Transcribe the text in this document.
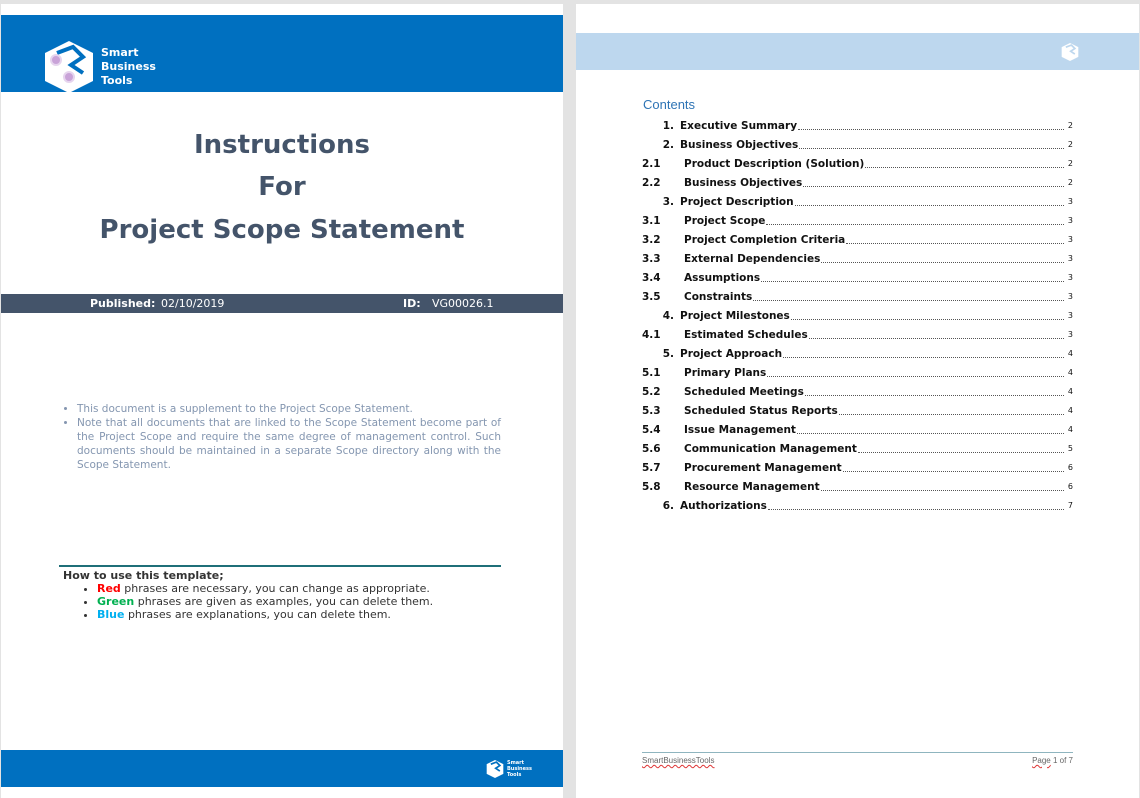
Smart
Business
Tools
Instructions
For
Project Scope Statement
Published: 02/10/2019	ID: VG00026.1
• This document is a supplement to the Project Scope Statement.
• Note that all documents that are linked to the Scope Statement become part of the Project Scope and require the same degree of management control. Such documents should be maintained in a separate Scope directory along with the Scope Statement.
How to use this template;
• Red phrases are necessary, you can change as appropriate.
• Green phrases are given as examples, you can delete them.
• Blue phrases are explanations, you can delete them.
Smart
Business
Tools
Contents
1. Executive Summary	2
2. Business Objectives	2
2.1	Product Description (Solution)	2
2.2	Business Objectives	2
3. Project Description	3
3.1	Project Scope	3
3.2	Project Completion Criteria	3
3.3	External Dependencies	3
3.4	Assumptions	3
3.5	Constraints	3
4. Project Milestones	3
4.1	Estimated Schedules	3
5. Project Approach	4
5.1	Primary Plans	4
5.2	Scheduled Meetings	4
5.3	Scheduled Status Reports	4
5.4	Issue Management	4
5.6	Communication Management	5
5.7	Procurement Management	6
5.8	Resource Management	6
6. Authorizations	7
SmartBusinessTools	Page 1 of 7
